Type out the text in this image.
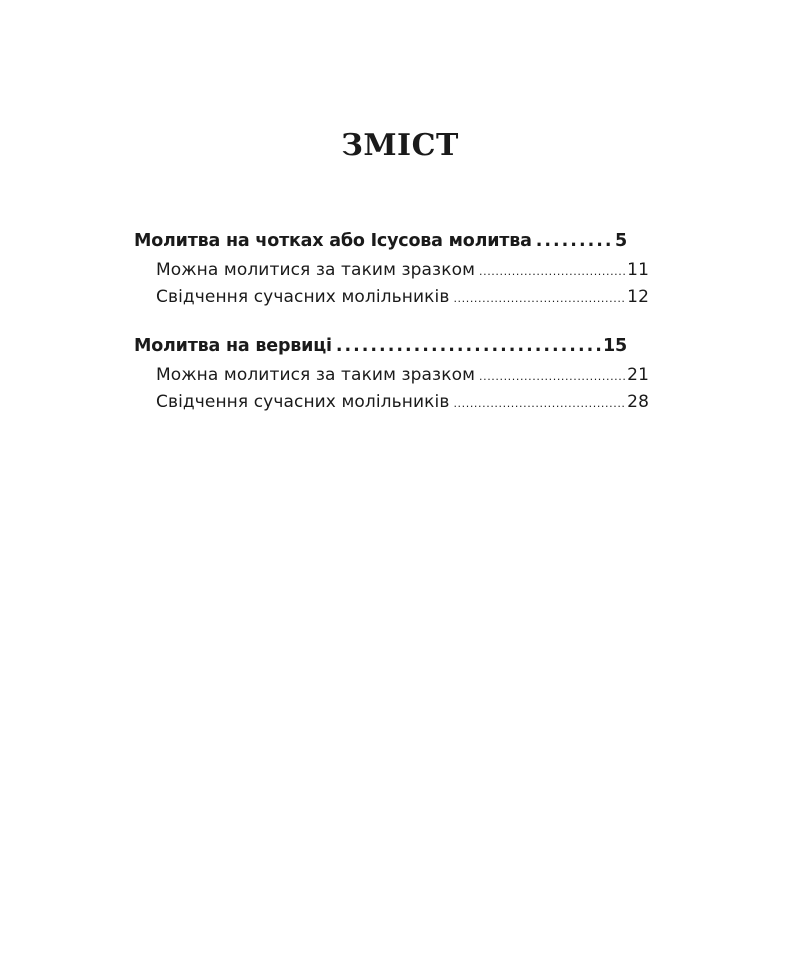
ЗМІСТ
Молитва на чотках або Ісусова молитва .....	5
Можна молитися за таким зразком .....	11
Свідчення сучасних молільників .....	12
Молитва на вервиці .....	15
Можна молитися за таким зразком .....	21
Свідчення сучасних молільників .....	28
